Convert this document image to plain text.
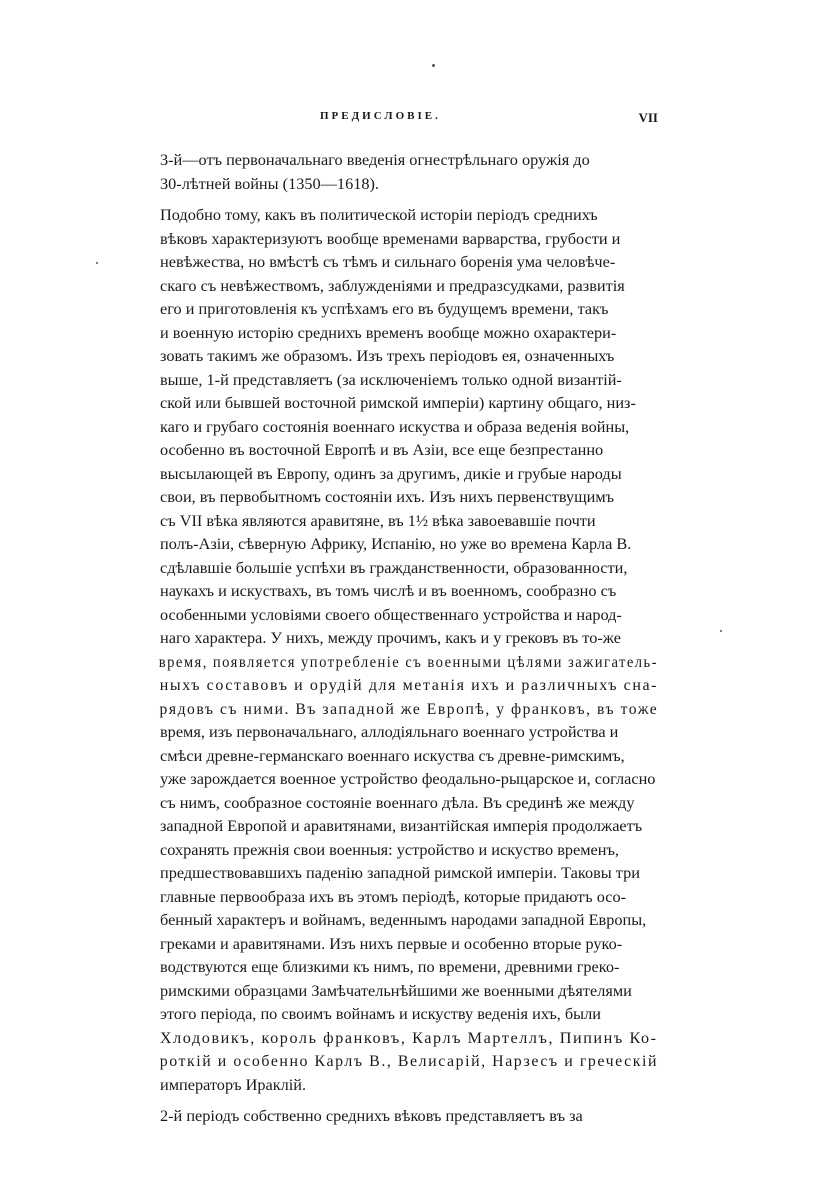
ПРЕДИСЛОВІЕ.	VII

3-й—отъ первоначальнаго введенія огнестрѣльнаго оружія до
30-лѣтней войны (1350—1618).

Подобно тому, какъ въ политической исторіи періодъ среднихъ
вѣковъ характеризуютъ вообще временами варварства, грубости и
невѣжества, но вмѣстѣ съ тѣмъ и сильнаго боренія ума человѣче-
скаго съ невѣжествомъ, заблужденіями и предразсудками, развитія
его и приготовленія къ успѣхамъ его въ будущемъ времени, такъ
и военную исторію среднихъ временъ вообще можно охарактери-
зовать такимъ же образомъ. Изъ трехъ періодовъ ея, означенныхъ
выше, 1-й представляетъ (за исключеніемъ только одной византій-
ской или бывшей восточной римской имперіи) картину общаго, низ-
каго и грубаго состоянія военнаго искуства и образа веденія войны,
особенно въ восточной Европѣ и въ Азіи, все еще безпрестанно
высылающей въ Европу, одинъ за другимъ, дикіе и грубые народы
свои, въ первобытномъ состояніи ихъ. Изъ нихъ первенствущимъ
съ VII вѣка являются аравитяне, въ 1½ вѣка завоевавшіе почти
полъ-Азіи, сѣверную Африку, Испанію, но уже во времена Карла В.
сдѣлавшіе большіе успѣхи въ гражданственности, образованности,
наукахъ и искуствахъ, въ томъ числѣ и въ военномъ, сообразно съ
особенными условіями своего общественнаго устройства и народ-
наго характера. У нихъ, между прочимъ, какъ и у грековъ въ то-же
время, появляется употребленіе съ военными цѣлями зажигатель-
ныхъ составовъ и орудій для метанія ихъ и различныхъ сна-
рядовъ съ ними. Въ западной же Европѣ, у франковъ, въ тоже
время, изъ первоначальнаго, аллодіяльнаго военнаго устройства и
смѣси древне-германскаго военнаго искуства съ древне-римскимъ,
уже зарождается военное устройство феодально-рыцарское и, согласно
съ нимъ, сообразное состояніе военнаго дѣла. Въ срединѣ же между
западной Европой и аравитянами, византійская имперія продолжаетъ
сохранять прежнія свои военныя: устройство и искуство временъ,
предшествовавшихъ паденію западной римской имперіи. Таковы три
главные первообраза ихъ въ этомъ періодѣ, которые придаютъ осо-
бенный характеръ и войнамъ, веденнымъ народами западной Европы,
греками и аравитянами. Изъ нихъ первые и особенно вторые руко-
водствуются еще близкими къ нимъ, по времени, древними греко-
римскими образцами Замѣчательнѣйшими же военными дѣятелями
этого періода, по своимъ войнамъ и искуству веденія ихъ, были
Хлодовикъ, король франковъ, Карлъ Мартеллъ, Пипинъ Ко-
роткій и особенно Карлъ В., Велисарій, Нарзесъ и греческій
императоръ Ираклій.

2-й періодъ собственно среднихъ вѣковъ представляетъ въ за
